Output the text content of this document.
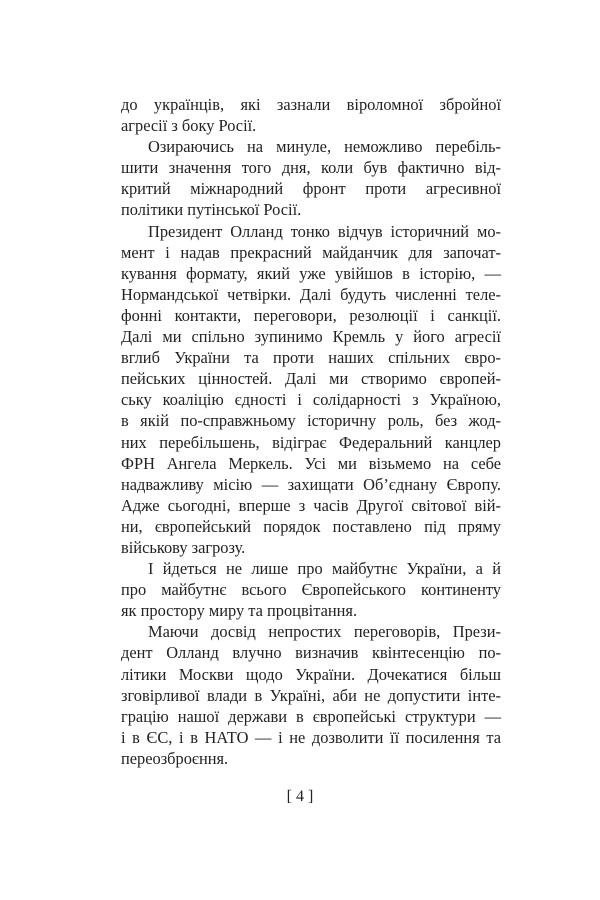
до українців, які зазнали віроломної збройної
агресії з боку Росії.

Озираючись на минуле, неможливо перебіль-
шити значення того дня, коли був фактично від-
критий міжнародний фронт проти агресивної
політики путінської Росії.

Президент Олланд тонко відчув історичний мо-
мент і надав прекрасний майданчик для започат-
кування формату, який уже увійшов в історію, —
Нормандської четвірки. Далі будуть численні теле-
фонні контакти, переговори, резолюції і санкції.
Далі ми спільно зупинимо Кремль у його агресії
вглиб України та проти наших спільних євро-
пейських цінностей. Далі ми створимо європей-
ську коаліцію єдності і солідарності з Україною,
в якій по-справжньому історичну роль, без жод-
них перебільшень, відіграє Федеральний канцлер
ФРН Ангела Меркель. Усі ми візьмемо на себе
надважливу місію — захищати Об’єднану Європу.
Адже сьогодні, вперше з часів Другої світової вій-
ни, європейський порядок поставлено під пряму
військову загрозу.

І йдеться не лише про майбутнє України, а й
про майбутнє всього Європейського континенту
як простору миру та процвітання.

Маючи досвід непростих переговорів, Прези-
дент Олланд влучно визначив квінтесенцію по-
літики Москви щодо України. Дочекатися більш
зговірливої влади в Україні, аби не допустити інте-
грацію нашої держави в європейські структури —
і в ЄС, і в НАТО — і не дозволити її посилення та
переозброєння.

[ 4 ]
